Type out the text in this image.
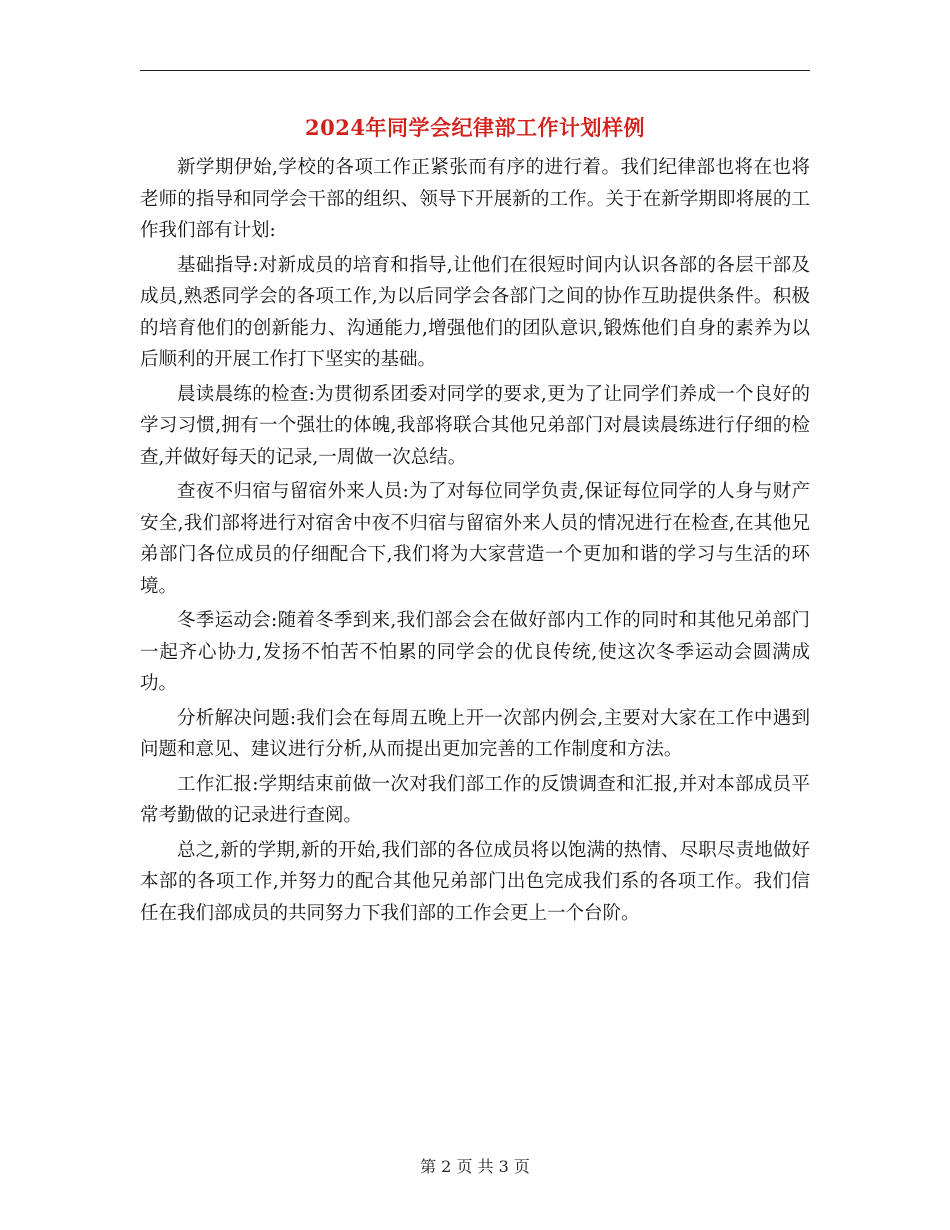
2024年同学会纪律部工作计划样例

新学期伊始,学校的各项工作正紧张而有序的进行着。我们纪律部也将在也将老师的指导和同学会干部的组织、领导下开展新的工作。关于在新学期即将展的工作我们部有计划:

基础指导:对新成员的培育和指导,让他们在很短时间内认识各部的各层干部及成员,熟悉同学会的各项工作,为以后同学会各部门之间的协作互助提供条件。积极的培育他们的创新能力、沟通能力,增强他们的团队意识,锻炼他们自身的素养为以后顺利的开展工作打下坚实的基础。

晨读晨练的检查:为贯彻系团委对同学的要求,更为了让同学们养成一个良好的学习习惯,拥有一个强壮的体魄,我部将联合其他兄弟部门对晨读晨练进行仔细的检查,并做好每天的记录,一周做一次总结。

查夜不归宿与留宿外来人员:为了对每位同学负责,保证每位同学的人身与财产安全,我们部将进行对宿舍中夜不归宿与留宿外来人员的情况进行在检查,在其他兄弟部门各位成员的仔细配合下,我们将为大家营造一个更加和谐的学习与生活的环境。

冬季运动会:随着冬季到来,我们部会会在做好部内工作的同时和其他兄弟部门一起齐心协力,发扬不怕苦不怕累的同学会的优良传统,使这次冬季运动会圆满成功。

分析解决问题:我们会在每周五晚上开一次部内例会,主要对大家在工作中遇到问题和意见、建议进行分析,从而提出更加完善的工作制度和方法。

工作汇报:学期结束前做一次对我们部工作的反馈调查和汇报,并对本部成员平常考勤做的记录进行查阅。

总之,新的学期,新的开始,我们部的各位成员将以饱满的热情、尽职尽责地做好本部的各项工作,并努力的配合其他兄弟部门出色完成我们系的各项工作。我们信任在我们部成员的共同努力下我们部的工作会更上一个台阶。

第 2 页 共 3 页
